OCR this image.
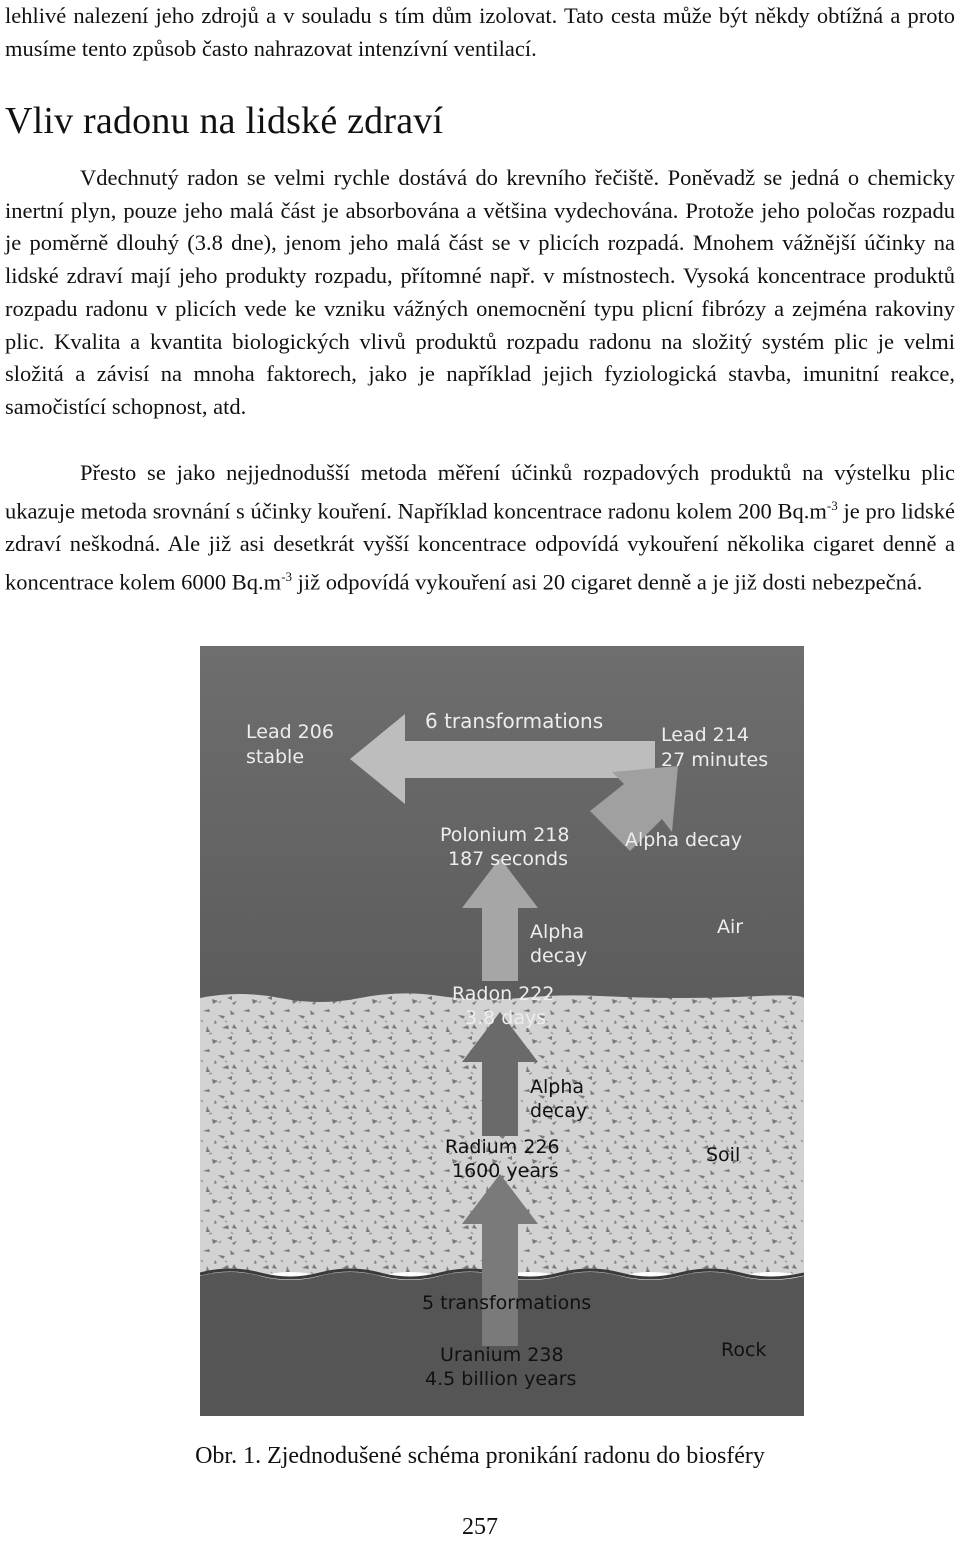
lehlivé nalezení jeho zdrojů a v souladu s tím dům izolovat. Tato cesta může být někdy obtížná a proto musíme tento způsob často nahrazovat intenzívní ventilací.

Vliv radonu na lidské zdraví

Vdechnutý radon se velmi rychle dostává do krevního řečiště. Poněvadž se jedná o chemicky inertní plyn, pouze jeho malá část je absorbována a většina vydechována. Protože jeho poločas rozpadu je poměrně dlouhý (3.8 dne), jenom jeho malá část se v plicích rozpadá. Mnohem vážnější účinky na lidské zdraví mají jeho produkty rozpadu, přítomné např. v místnostech. Vysoká koncentrace produktů rozpadu radonu v plicích vede ke vzniku vážných onemocnění typu plicní fibrózy a zejména rakoviny plic. Kvalita a kvantita biologických vlivů produktů rozpadu radonu na složitý systém plic je velmi složitá a závisí na mnoha faktorech, jako je například jejich fyziologická stavba, imunitní reakce, samočistící schopnost, atd.

Přesto se jako nejjednodušší metoda měření účinků rozpadových produktů na výstelku plic ukazuje metoda srovnání s účinky kouření. Například koncentrace radonu kolem 200 $Bq.m^{-3}$ je pro lidské zdraví neškodná. Ale již asi desetkrát vyšší koncentrace odpovídá vykouření několika cigaret denně a koncentrace kolem 6000 $Bq.m^{-3}$ již odpovídá vykouření asi 20 cigaret denně a je již dosti nebezpečná.

Lead 206
stable
6 transformations
Lead 214
27 minutes
Polonium 218
187 seconds
Alpha decay
Alpha
decay
Air
Radon 222
3.8 days
Alpha
decay
Radium 226
1600 years
Soil
5 transformations
Rock
Uranium 238
4.5 billion years
Obr. 1. Zjednodušené schéma pronikání radonu do biosféry
257
